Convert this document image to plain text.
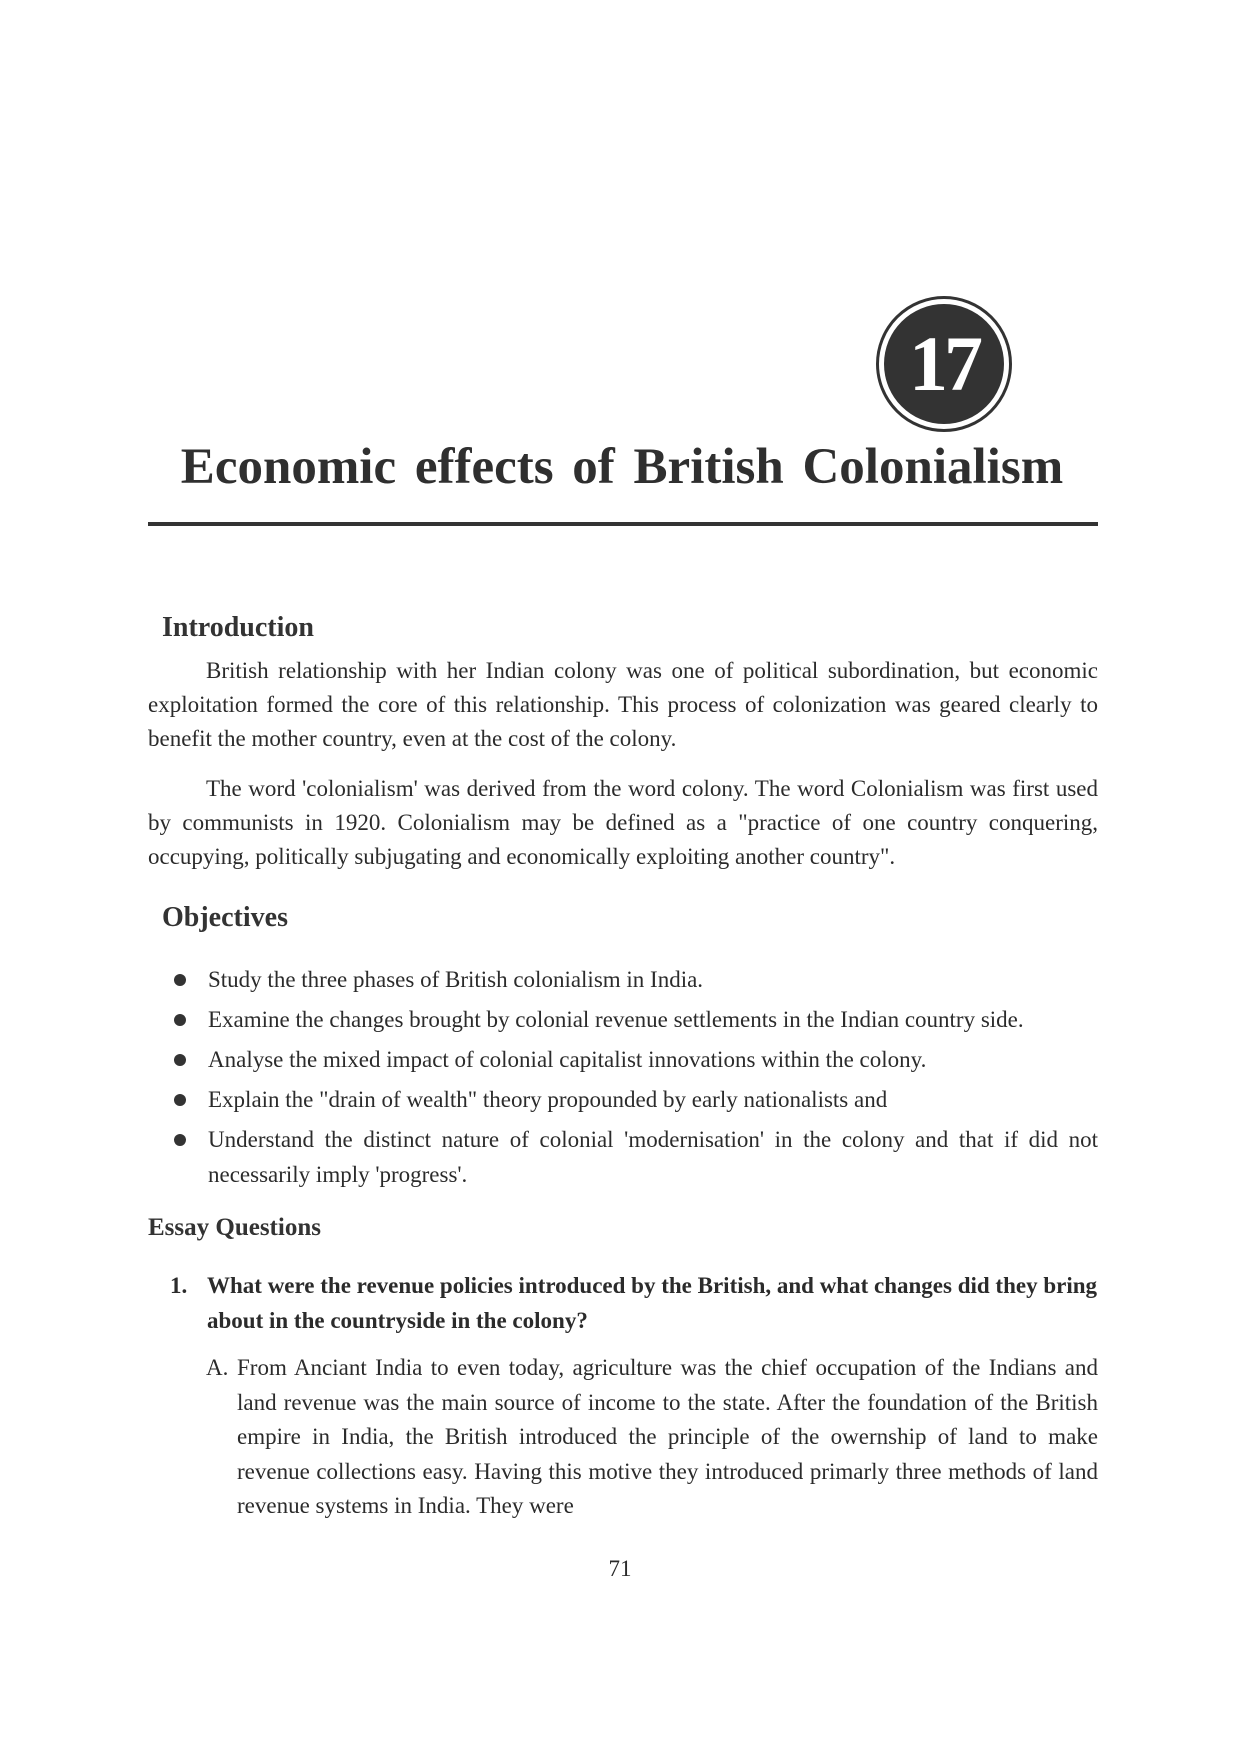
17
Economic effects of British Colonialism
Introduction

British relationship with her Indian colony was one of political subordination, but economic exploitation formed the core of this relationship. This process of colonization was geared clearly to benefit the mother country, even at the cost of the colony.

The word 'colonialism' was derived from the word colony. The word Colonialism was first used by communists in 1920. Colonialism may be defined as a "practice of one country conquering, occupying, politically subjugating and economically exploiting another country".

Objectives
Study the three phases of British colonialism in India.
Examine the changes brought by colonial revenue settlements in the Indian country side.
Analyse the mixed impact of colonial capitalist innovations within the colony.
Explain the "drain of wealth" theory propounded by early nationalists and
Understand the distinct nature of colonial 'modernisation' in the colony and that if did not necessarily imply 'progress'.
Essay Questions
1. What were the revenue policies introduced by the British, and what changes did they bring about in the countryside in the colony?
A. From Anciant India to even today, agriculture was the chief occupation of the Indians and land revenue was the main source of income to the state. After the foundation of the British empire in India, the British introduced the principle of the owernship of land to make revenue collections easy. Having this motive they introduced primarly three methods of land revenue systems in India. They were

71
